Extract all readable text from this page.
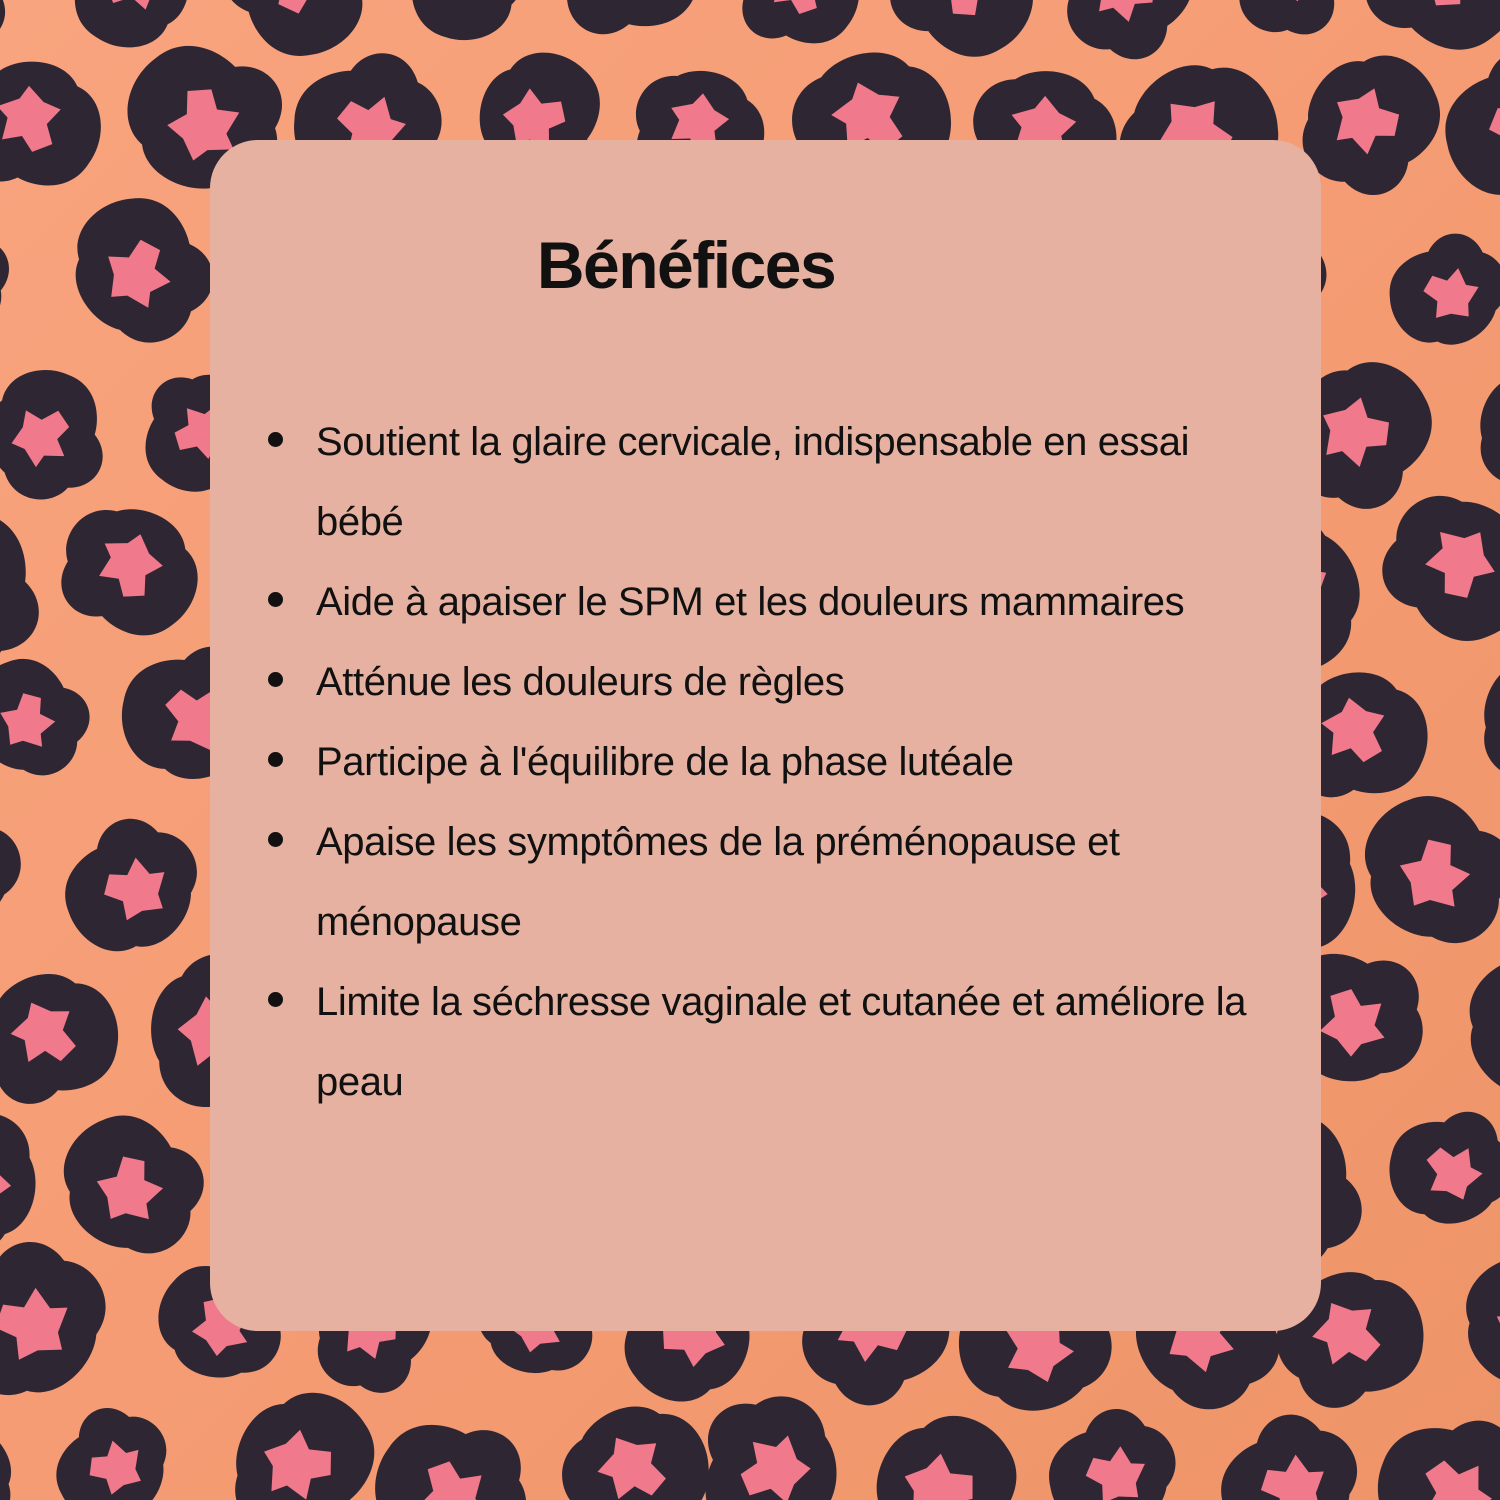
Bénéfices
Soutient la glaire cervicale, indispensable en essai bébé
Aide à apaiser le SPM et les douleurs mammaires
Atténue les douleurs de règles
Participe à l'équilibre de la phase lutéale
Apaise les symptômes de la préménopause et ménopause
Limite la séchresse vaginale et cutanée et améliore la peau
